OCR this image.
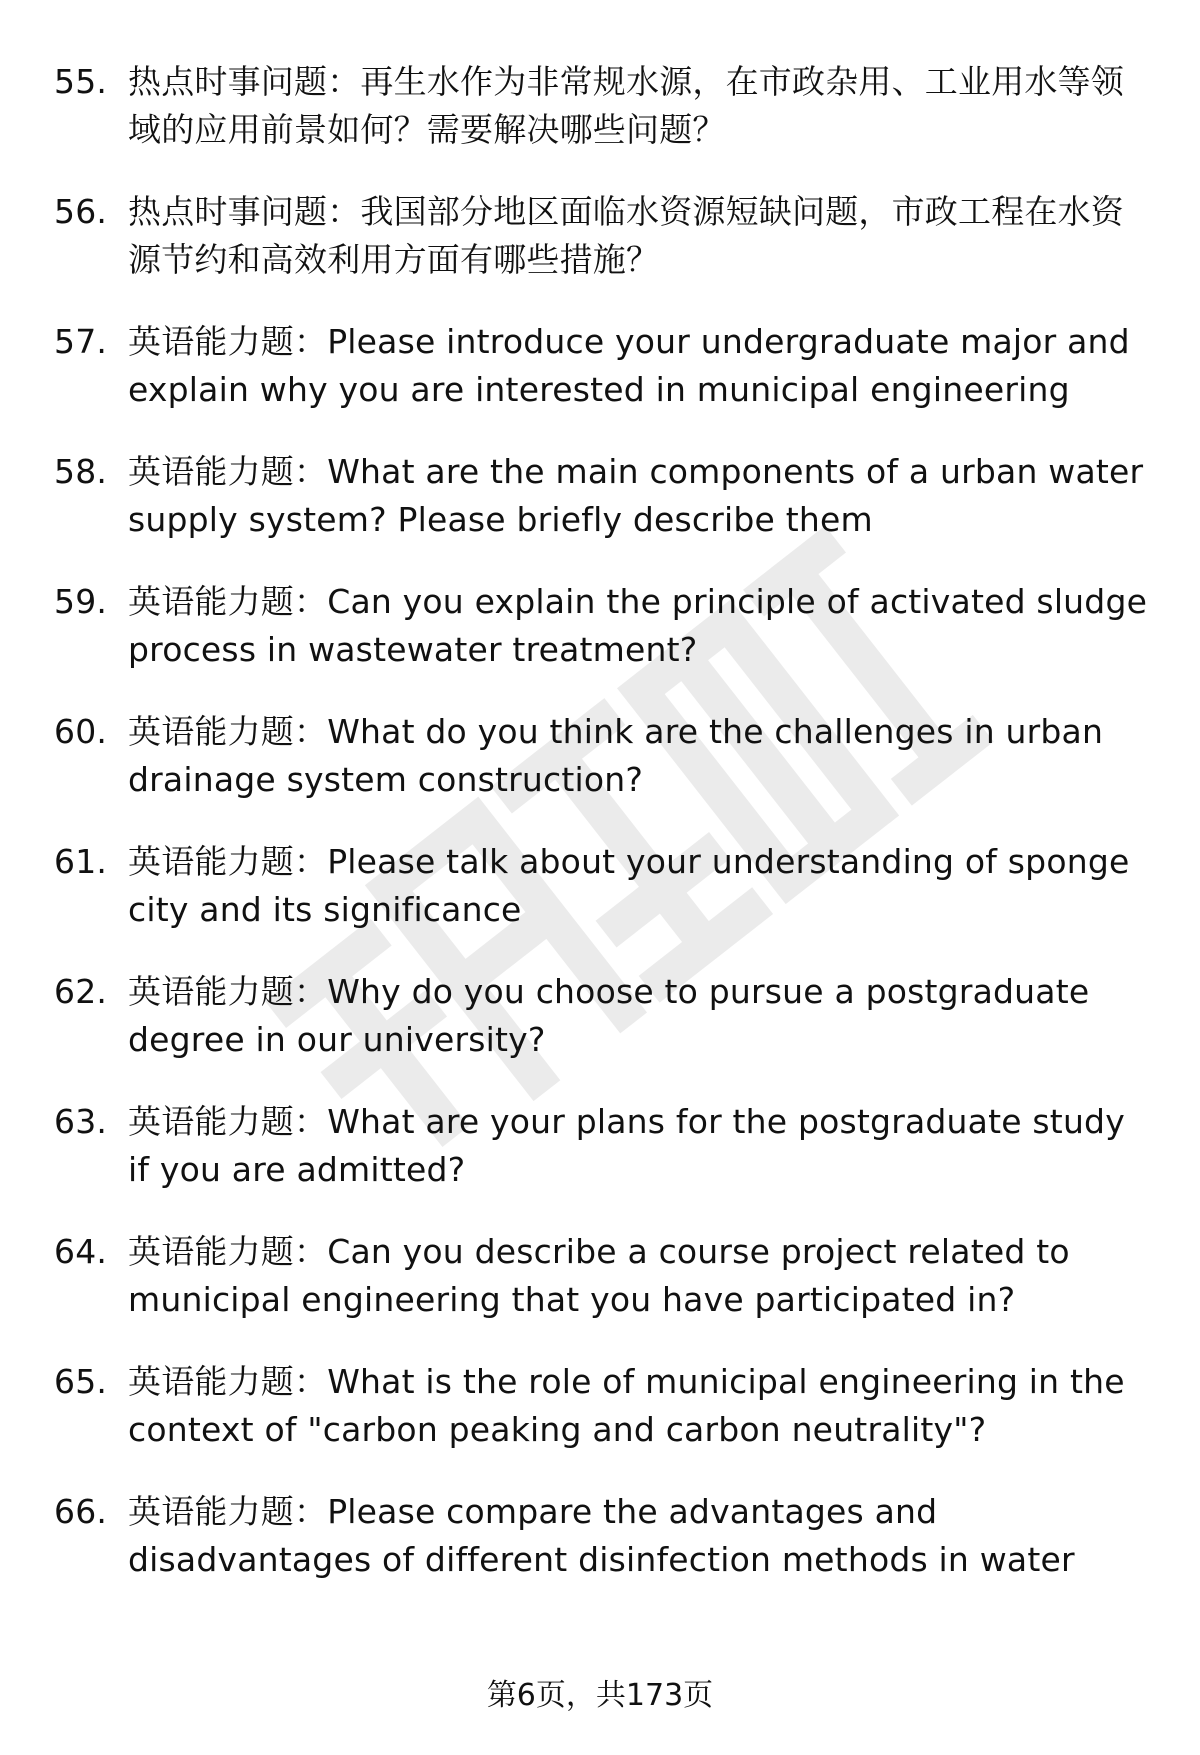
55. 热点时事问题：再生水作为非常规水源，在市政杂用、工业用水等领域的应用前景如何？需要解决哪些问题？
56. 热点时事问题：我国部分地区面临水资源短缺问题，市政工程在水资源节约和高效利用方面有哪些措施？
57. 英语能力题：Please introduce your undergraduate major and explain why you are interested in municipal engineering
58. 英语能力题：What are the main components of a urban water supply system? Please briefly describe them
59. 英语能力题：Can you explain the principle of activated sludge process in wastewater treatment?
60. 英语能力题：What do you think are the challenges in urban drainage system construction?
61. 英语能力题：Please talk about your understanding of sponge city and its significance
62. 英语能力题：Why do you choose to pursue a postgraduate degree in our university?
63. 英语能力题：What are your plans for the postgraduate study if you are admitted?
64. 英语能力题：Can you describe a course project related to municipal engineering that you have participated in?
65. 英语能力题：What is the role of municipal engineering in the context of "carbon peaking and carbon neutrality"?
66. 英语能力题：Please compare the advantages and disadvantages of different disinfection methods in water
第6页，共173页
